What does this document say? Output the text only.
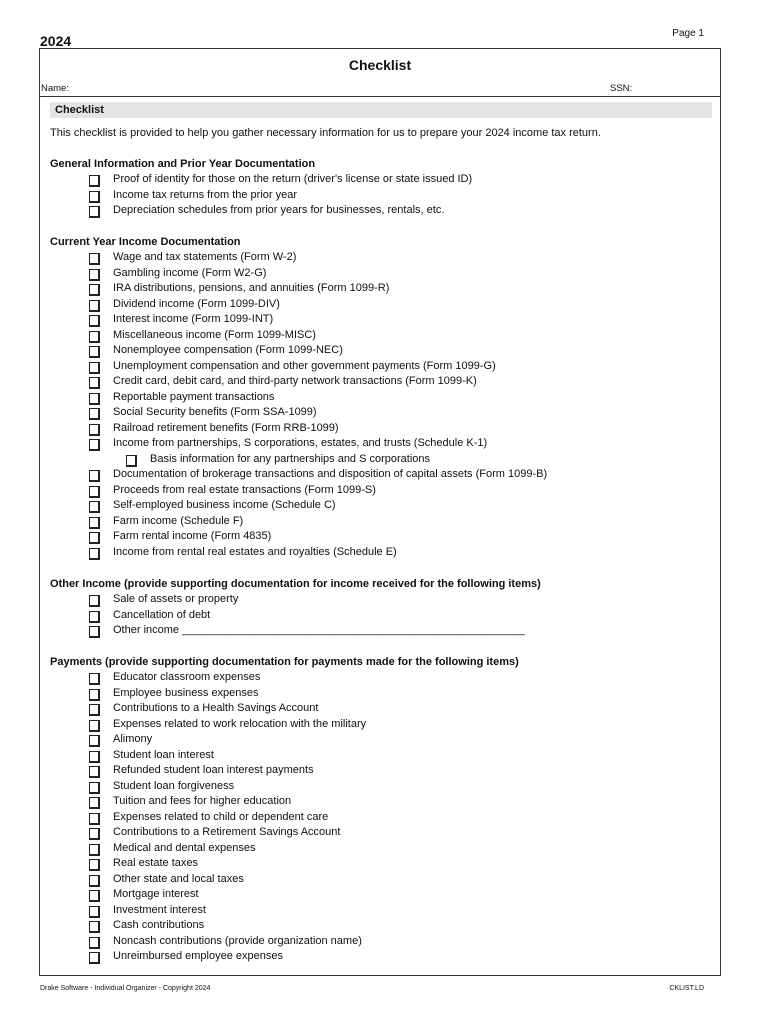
Page 1
2024
Checklist
Name:	SSN:
Checklist
This checklist is provided to help you gather necessary information for us to prepare your 2024 income tax return.
General Information and Prior Year Documentation
Proof of identity for those on the return (driver's license or state issued ID)
Income tax returns from the prior year
Depreciation schedules from prior years for businesses, rentals, etc.
Current Year Income Documentation
Wage and tax statements (Form W-2)
Gambling income (Form W2-G)
IRA distributions, pensions, and annuities (Form 1099-R)
Dividend income (Form 1099-DIV)
Interest income (Form 1099-INT)
Miscellaneous income (Form 1099-MISC)
Nonemployee compensation (Form 1099-NEC)
Unemployment compensation and other government payments (Form 1099-G)
Credit card, debit card, and third-party network transactions (Form 1099-K)
Reportable payment transactions
Social Security benefits (Form SSA-1099)
Railroad retirement benefits (Form RRB-1099)
Income from partnerships, S corporations, estates, and trusts (Schedule K-1)
Basis information for any partnerships and S corporations
Documentation of brokerage transactions and disposition of capital assets (Form 1099-B)
Proceeds from real estate transactions (Form 1099-S)
Self-employed business income (Schedule C)
Farm income (Schedule F)
Farm rental income (Form 4835)
Income from rental real estates and royalties (Schedule E)
Other Income (provide supporting documentation for income received for the following items)
Sale of assets or property
Cancellation of debt
Other income ________________________________________________________
Payments (provide supporting documentation for payments made for the following items)
Educator classroom expenses
Employee business expenses
Contributions to a Health Savings Account
Expenses related to work relocation with the military
Alimony
Student loan interest
Refunded student loan interest payments
Student loan forgiveness
Tuition and fees for higher education
Expenses related to child or dependent care
Contributions to a Retirement Savings Account
Medical and dental expenses
Real estate taxes
Other state and local taxes
Mortgage interest
Investment interest
Cash contributions
Noncash contributions (provide organization name)
Unreimbursed employee expenses
Drake Software - Individual Organizer - Copyright 2024	CKLIST.LD
